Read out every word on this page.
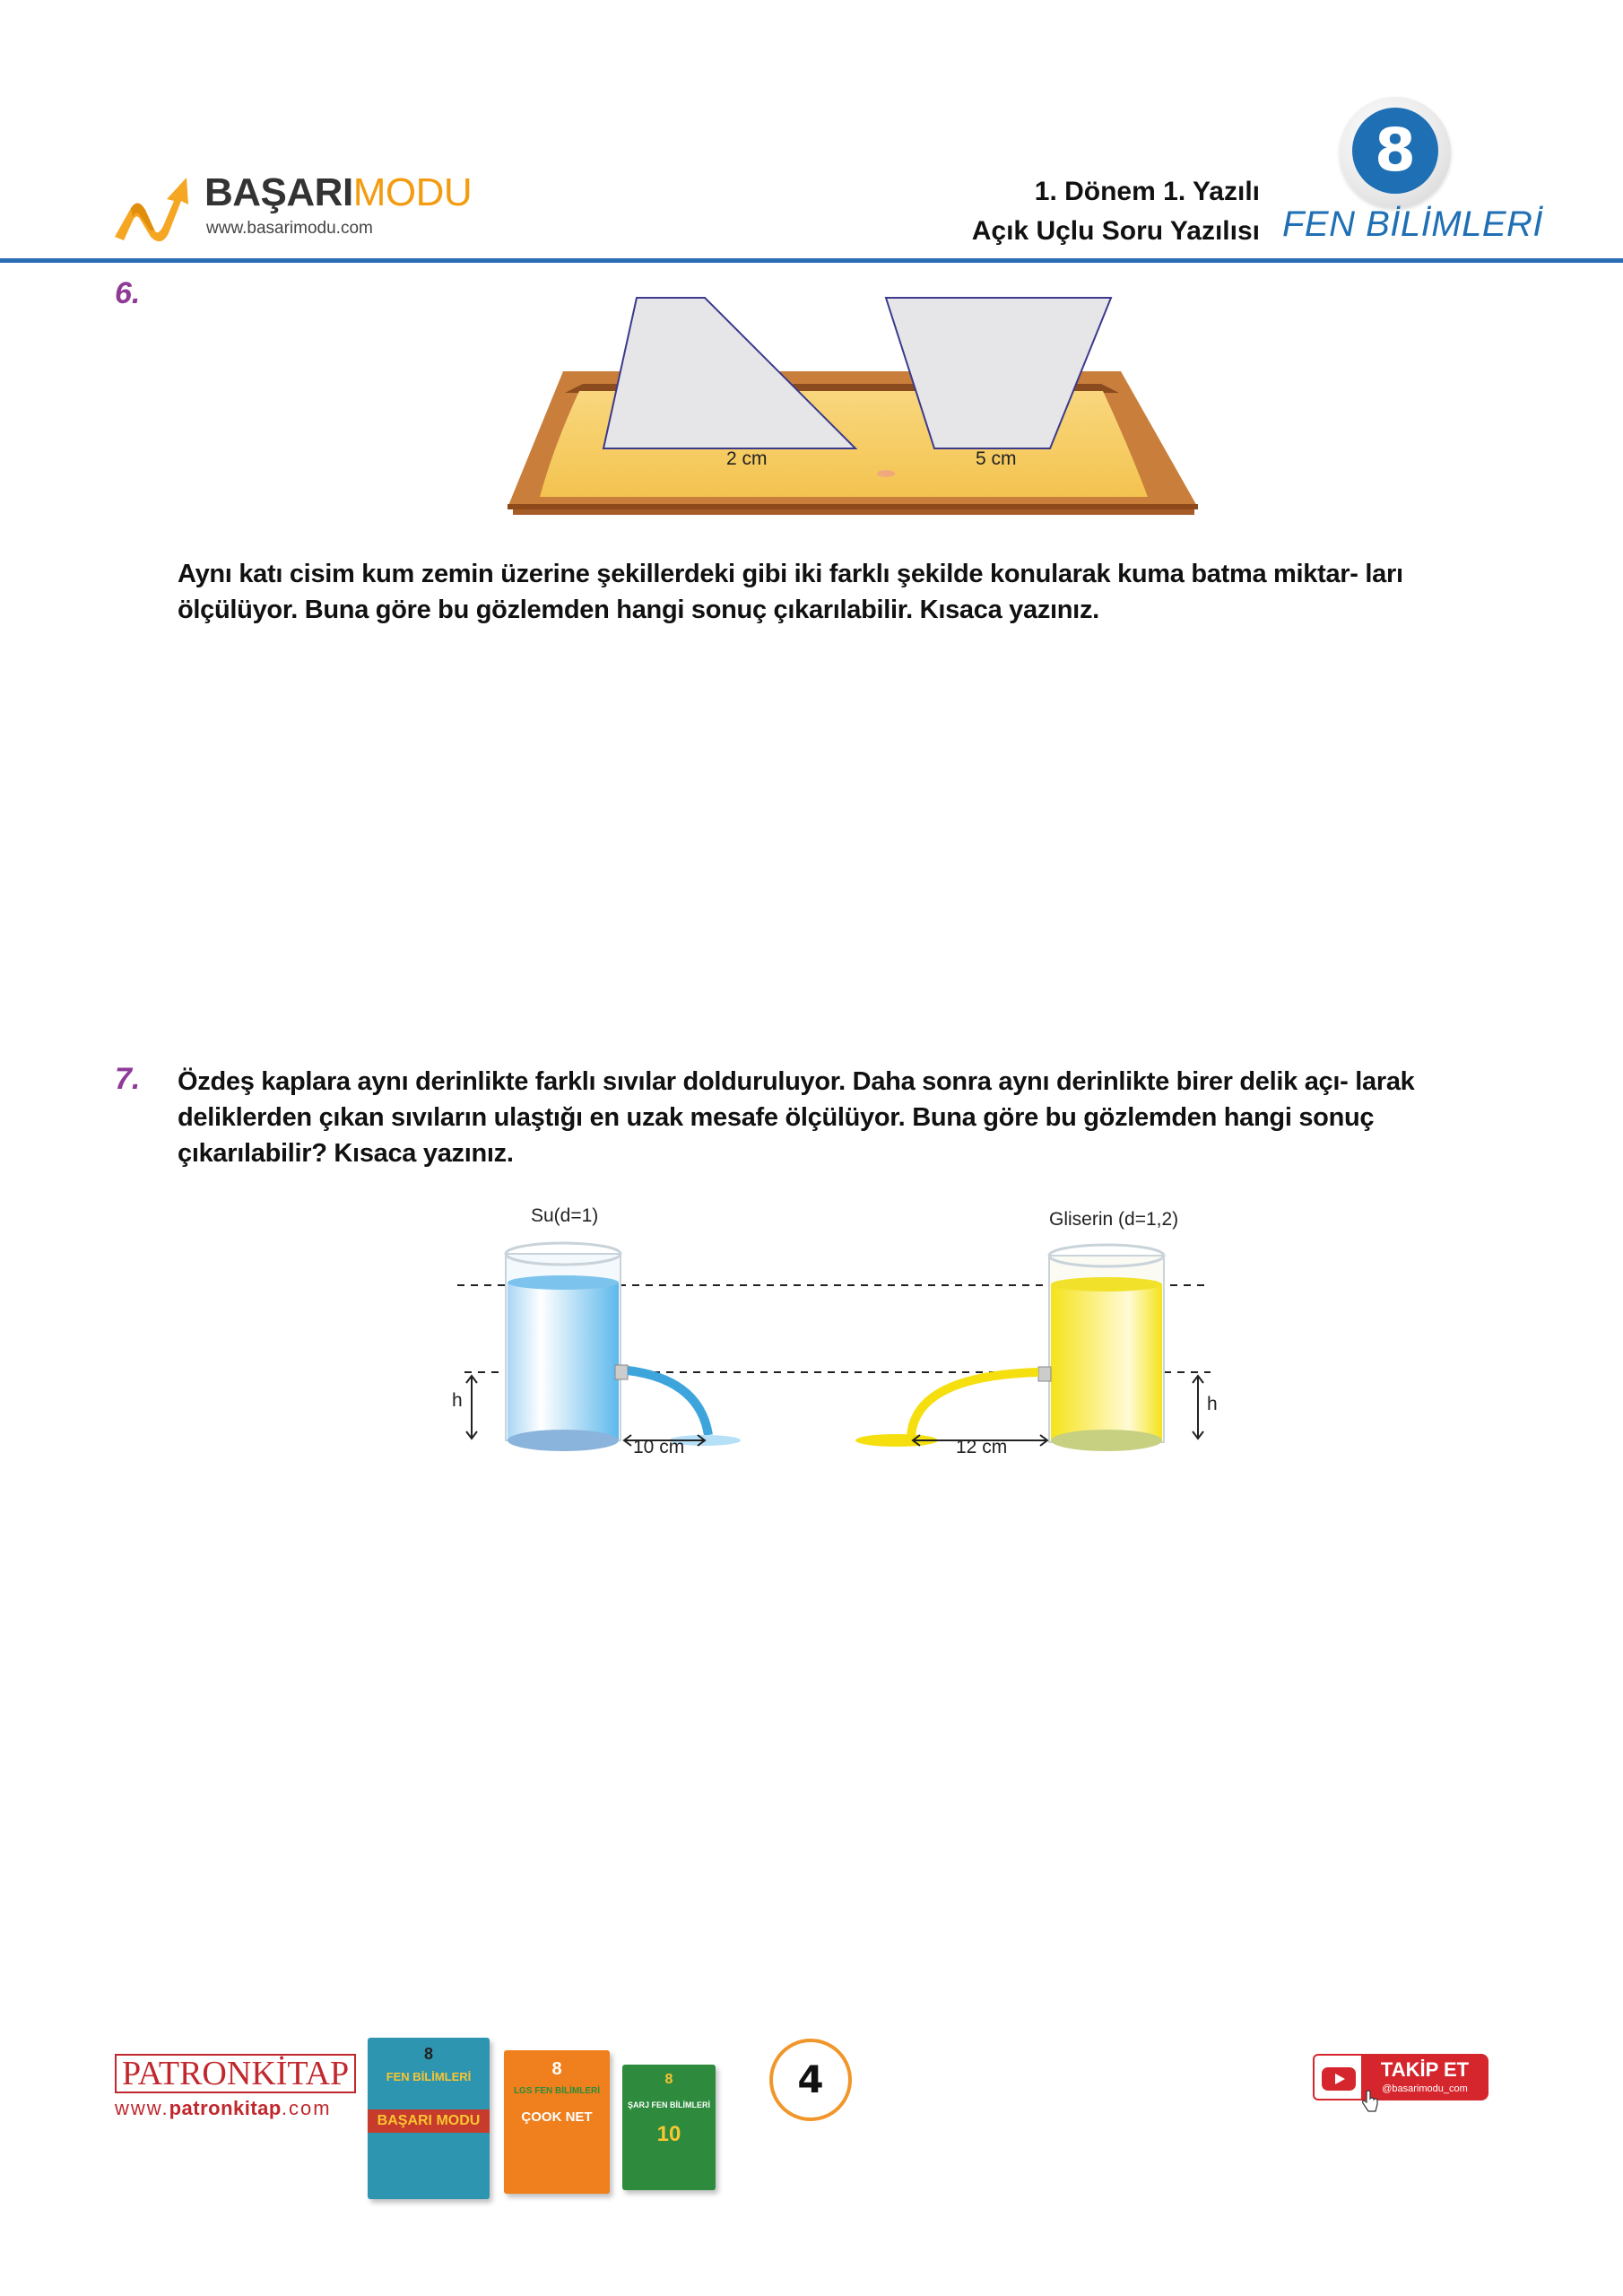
BAŞARIMODU
www.basarimodu.com
1. Dönem 1. Yazılı
Açık Uçlu Soru Yazılısı
8
FEN BİLİMLERİ
6.
2 cm	5 cm
Aynı katı cisim kum zemin üzerine şekillerdeki gibi iki farklı şekilde konularak kuma batma miktar- ları ölçülüyor. Buna göre bu gözlemden hangi sonuç çıkarılabilir. Kısaca yazınız.
7. Özdeş kaplara aynı derinlikte farklı sıvılar dolduruluyor. Daha sonra aynı derinlikte birer delik açı- larak deliklerden çıkan sıvıların ulaştığı en uzak mesafe ölçülüyor. Buna göre bu gözlemden hangi sonuç çıkarılabilir? Kısaca yazınız.
Su(d=1)	Gliserin (d=1,2)
10 cm	12 cm
h	h
PATRONKİTAP
www.patronkitap.com
8
FEN BİLİMLERİ
BAŞARI MODU
8
LGS FEN BİLİMLERİ
ÇOOK NET
8
ŞARJ FEN BİLİMLERİ
10
4	TAKİP ET
@basarimodu_com
